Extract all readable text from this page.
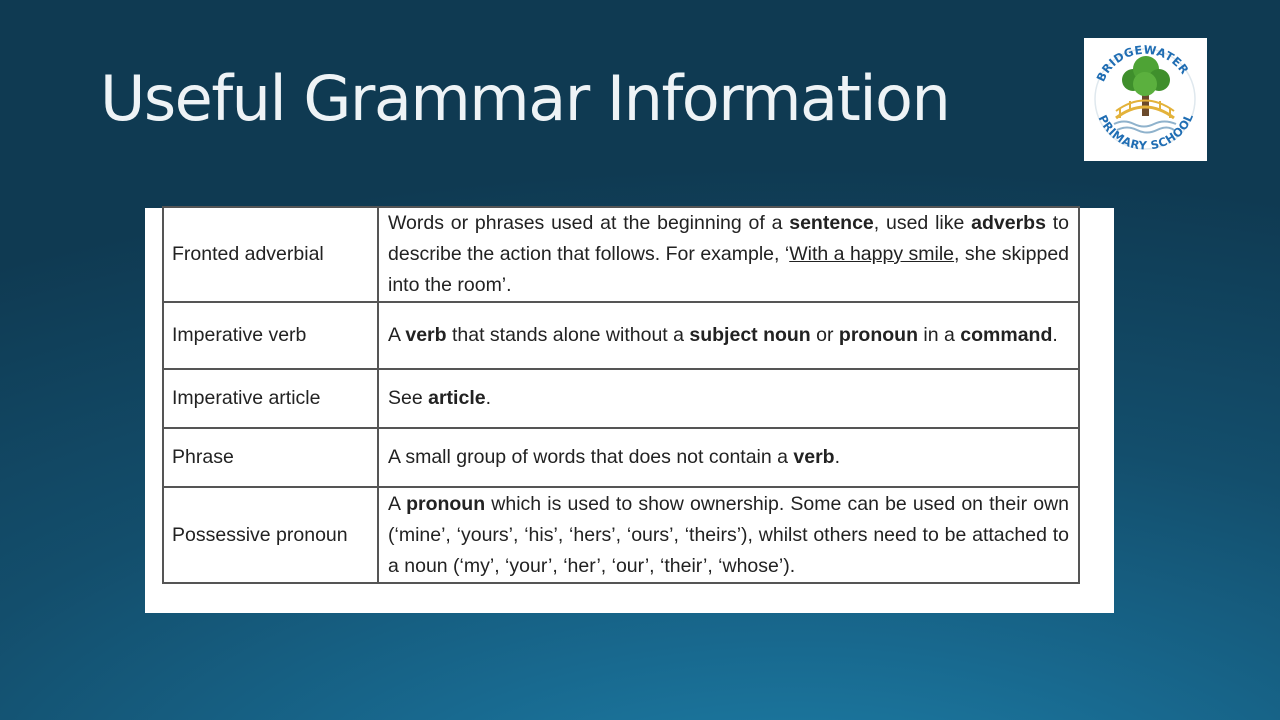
Useful Grammar Information	BRIDGEWATER
PRIMARY SCHOOL
Fronted adverbial	Words or phrases used at the beginning of a sentence, used like adverbs to describe the action that follows. For example, ‘With a happy smile, she skipped into the room’.
Imperative verb	A verb that stands alone without a subject noun or pronoun in a command.
Imperative article	See article.
Phrase	A small group of words that does not contain a verb.
Possessive pronoun	A pronoun which is used to show ownership. Some can be used on their own (‘mine’, ‘yours’, ‘his’, ‘hers’, ‘ours’, ‘theirs’), whilst others need to be attached to a noun (‘my’, ‘your’, ‘her’, ‘our’, ‘their’, ‘whose’).
